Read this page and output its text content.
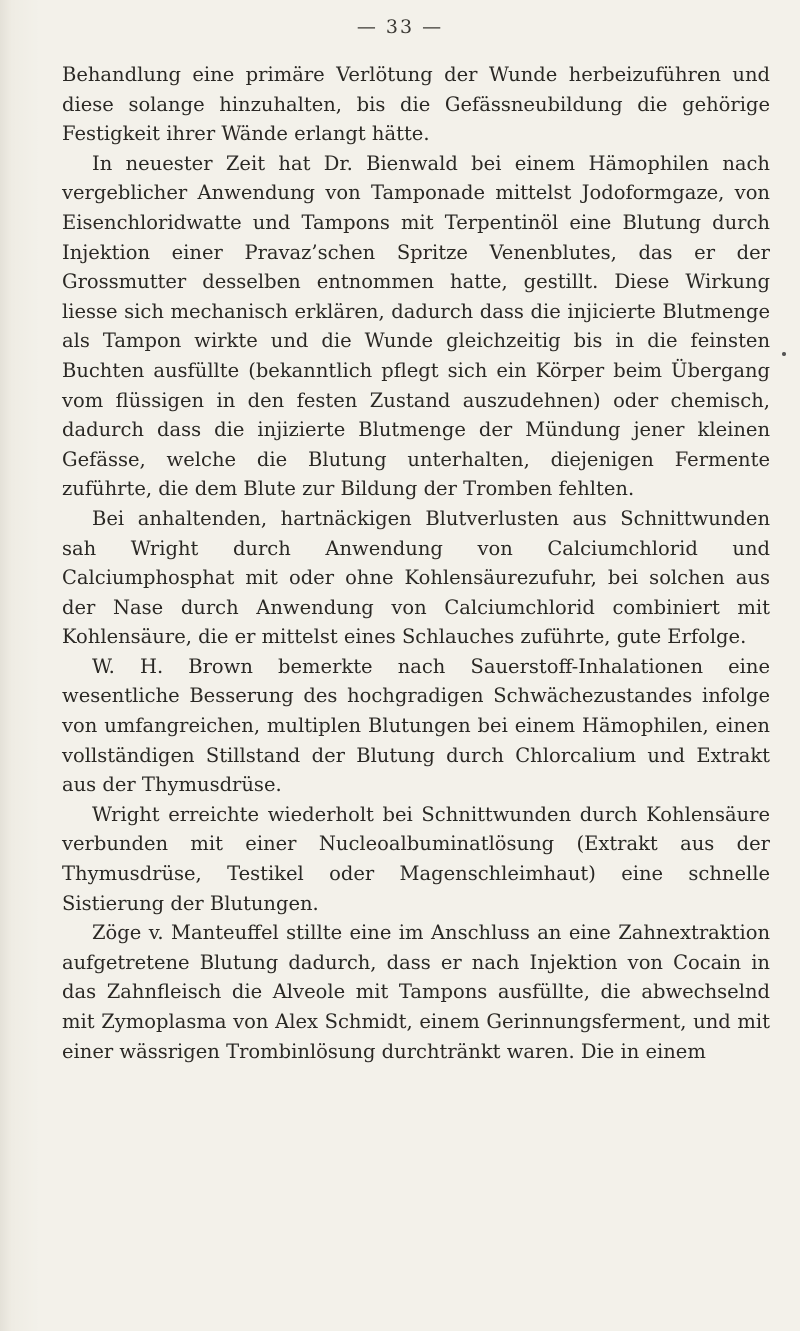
— 33 —

Behandlung eine primäre Verlötung der Wunde herbeizuführen und diese solange hinzuhalten, bis die Gefässneubildung die gehörige Festigkeit ihrer Wände erlangt hätte.

In neuester Zeit hat Dr. Bienwald bei einem Hämophilen nach vergeblicher Anwendung von Tamponade mittelst Jodoformgaze, von Eisenchloridwatte und Tampons mit Terpentinöl eine Blutung durch Injektion einer Pravaz’schen Spritze Venenblutes, das er der Grossmutter desselben entnommen hatte, gestillt. Diese Wirkung liesse sich mechanisch erklären, dadurch dass die injicierte Blutmenge als Tampon wirkte und die Wunde gleichzeitig bis in die feinsten Buchten ausfüllte (bekanntlich pflegt sich ein Körper beim Übergang vom flüssigen in den festen Zustand auszudehnen) oder chemisch, dadurch dass die injizierte Blutmenge der Mündung jener kleinen Gefässe, welche die Blutung unterhalten, diejenigen Fermente zuführte, die dem Blute zur Bildung der Tromben fehlten.

Bei anhaltenden, hartnäckigen Blutverlusten aus Schnittwunden sah Wright durch Anwendung von Calciumchlorid und Calciumphosphat mit oder ohne Kohlensäurezufuhr, bei solchen aus der Nase durch Anwendung von Calciumchlorid combiniert mit Kohlensäure, die er mittelst eines Schlauches zuführte, gute Erfolge.

W. H. Brown bemerkte nach Sauerstoff-Inhalationen eine wesentliche Besserung des hochgradigen Schwächezustandes infolge von umfangreichen, multiplen Blutungen bei einem Hämophilen, einen vollständigen Stillstand der Blutung durch Chlorcalium und Extrakt aus der Thymusdrüse.

Wright erreichte wiederholt bei Schnittwunden durch Kohlensäure verbunden mit einer Nucleoalbuminatlösung (Extrakt aus der Thymusdrüse, Testikel oder Magenschleimhaut) eine schnelle Sistierung der Blutungen.

Zöge v. Manteuffel stillte eine im Anschluss an eine Zahnextraktion aufgetretene Blutung dadurch, dass er nach Injektion von Cocain in das Zahnfleisch die Alveole mit Tampons ausfüllte, die abwechselnd mit Zymoplasma von Alex Schmidt, einem Gerinnungsferment, und mit einer wässrigen Trombinlösung durchtränkt waren. Die in einem
